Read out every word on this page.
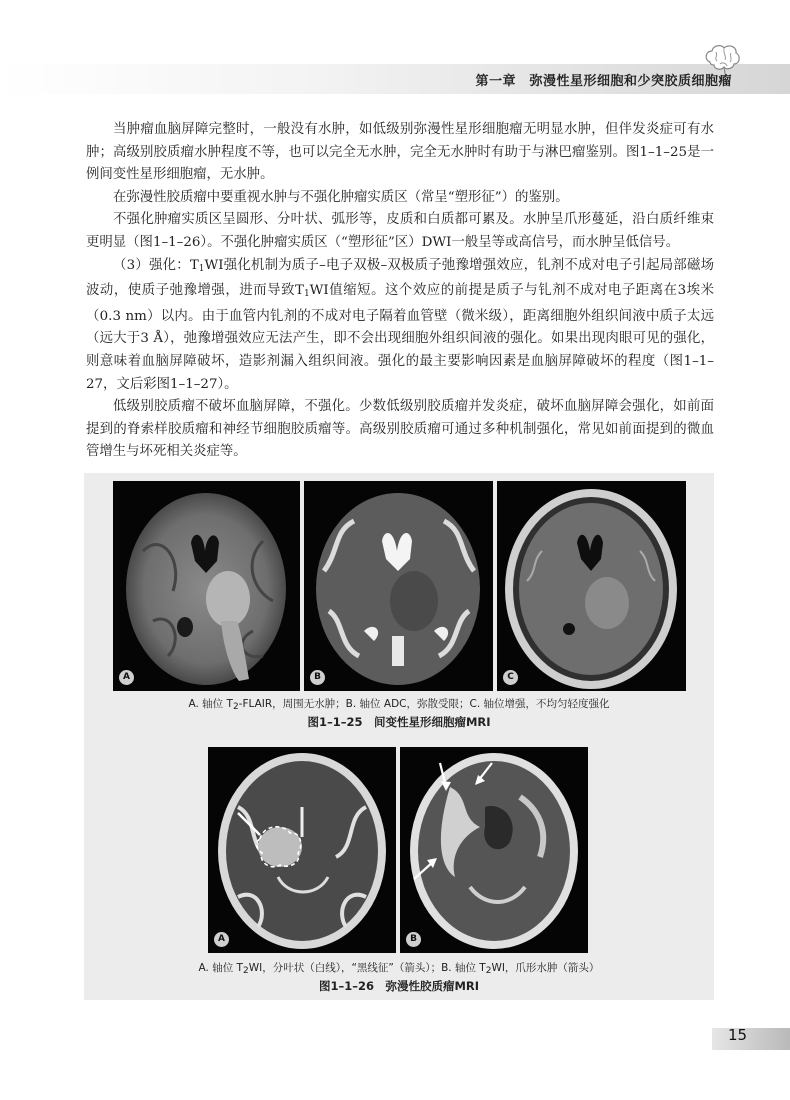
第一章　弥漫性星形细胞和少突胶质细胞瘤

当肿瘤血脑屏障完整时，一般没有水肿，如低级别弥漫性星形细胞瘤无明显水肿，但伴发炎症可有水肿；高级别胶质瘤水肿程度不等，也可以完全无水肿，完全无水肿时有助于与淋巴瘤鉴别。图1–1–25是一例间变性星形细胞瘤，无水肿。

在弥漫性胶质瘤中要重视水肿与不强化肿瘤实质区（常呈“塑形征”）的鉴别。

不强化肿瘤实质区呈圆形、分叶状、弧形等，皮质和白质都可累及。水肿呈爪形蔓延，沿白质纤维束更明显（图1–1–26）。不强化肿瘤实质区（“塑形征”区）DWI一般呈等或高信号，而水肿呈低信号。

（3）强化：$T_1WI$强化机制为质子–电子双极–双极质子弛豫增强效应，钆剂不成对电子引起局部磁场波动，使质子弛豫增强，进而导致$T_1WI$值缩短。这个效应的前提是质子与钆剂不成对电子距离在3埃米（0.3 nm）以内。由于血管内钆剂的不成对电子隔着血管壁（微米级），距离细胞外组织间液中质子太远（远大于3 Å），弛豫增强效应无法产生，即不会出现细胞外组织间液的强化。如果出现肉眼可见的强化，则意味着血脑屏障破坏，造影剂漏入组织间液。强化的最主要影响因素是血脑屏障破坏的程度（图1–1–27，文后彩图1–1–27）。

低级别胶质瘤不破坏血脑屏障，不强化。少数低级别胶质瘤并发炎症，破坏血脑屏障会强化，如前面提到的脊索样胶质瘤和神经节细胞胶质瘤等。高级别胶质瘤可通过多种机制强化，常见如前面提到的微血管增生与坏死相关炎症等。

A	B	C
A. 轴位 $T_2$-FLAIR，周围无水肿；B. 轴位 ADC，弥散受限；C. 轴位增强，不均匀轻度强化
图1–1–25　间变性星形细胞瘤MRI
A	B
A. 轴位 $T_2WI$，分叶状（白线），“黑线征”（箭头）；B. 轴位 $T_2WI$，爪形水肿（箭头）
图1–1–26　弥漫性胶质瘤MRI
15
